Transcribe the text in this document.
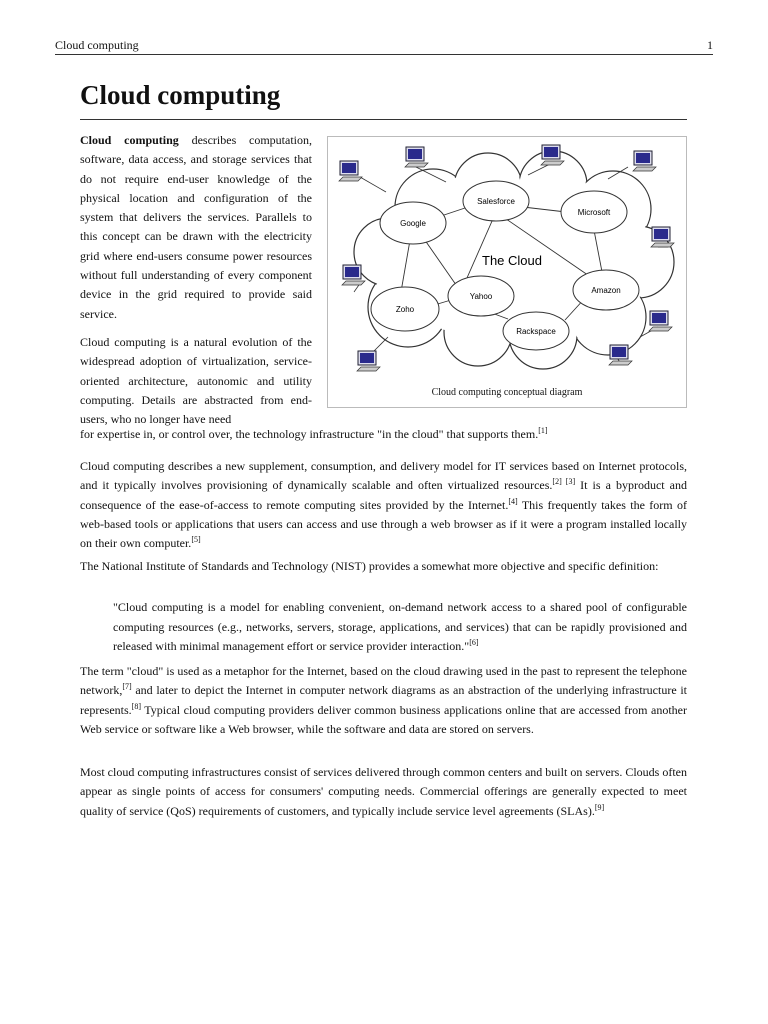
Cloud computing	1
Cloud computing

Cloud computing describes computation, software, data access, and storage services that do not require end-user knowledge of the physical location and configuration of the system that delivers the services. Parallels to this concept can be drawn with the electricity grid where end-users consume power resources without full understanding of every component device in the grid required to provide said service.

Cloud computing is a natural evolution of the widespread adoption of virtualization, service-oriented architecture, autonomic and utility computing. Details are abstracted from end-users, who no longer have need

for expertise in, or control over, the technology infrastructure "in the cloud" that supports them.[1]

Salesforce
Microsoft
Google
Amazon
Yahoo
Zoho
Rackspace
The Cloud
Cloud computing conceptual diagram

Cloud computing describes a new supplement, consumption, and delivery model for IT services based on Internet protocols, and it typically involves provisioning of dynamically scalable and often virtualized resources.[2] [3] It is a byproduct and consequence of the ease-of-access to remote computing sites provided by the Internet.[4] This frequently takes the form of web-based tools or applications that users can access and use through a web browser as if it were a program installed locally on their own computer.[5]

The National Institute of Standards and Technology (NIST) provides a somewhat more objective and specific definition:

"Cloud computing is a model for enabling convenient, on-demand network access to a shared pool of configurable computing resources (e.g., networks, servers, storage, applications, and services) that can be rapidly provisioned and released with minimal management effort or service provider interaction."[6]

The term "cloud" is used as a metaphor for the Internet, based on the cloud drawing used in the past to represent the telephone network,[7] and later to depict the Internet in computer network diagrams as an abstraction of the underlying infrastructure it represents.[8] Typical cloud computing providers deliver common business applications online that are accessed from another Web service or software like a Web browser, while the software and data are stored on servers.

Most cloud computing infrastructures consist of services delivered through common centers and built on servers. Clouds often appear as single points of access for consumers' computing needs. Commercial offerings are generally expected to meet quality of service (QoS) requirements of customers, and typically include service level agreements (SLAs).[9]
